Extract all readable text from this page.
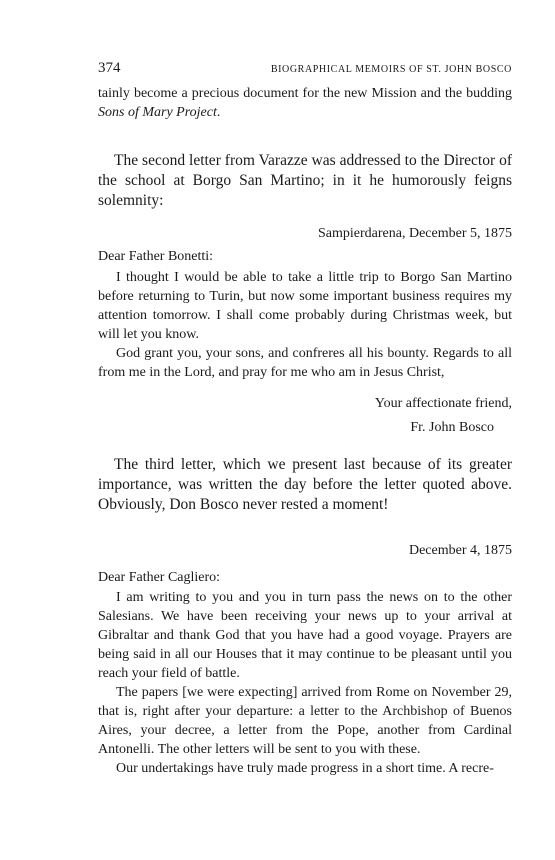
374	BIOGRAPHICAL MEMOIRS OF ST. JOHN BOSCO

tainly become a precious document for the new Mission and the budding Sons of Mary Project.

The second letter from Varazze was addressed to the Director of the school at Borgo San Martino; in it he humorously feigns solemnity:

Sampierdarena, December 5, 1875
Dear Father Bonetti:

I thought I would be able to take a little trip to Borgo San Martino before returning to Turin, but now some important business requires my attention tomorrow. I shall come probably during Christmas week, but will let you know.

God grant you, your sons, and confreres all his bounty. Regards to all from me in the Lord, and pray for me who am in Jesus Christ,

Your affectionate friend,
Fr. John Bosco

The third letter, which we present last because of its greater importance, was written the day before the letter quoted above. Obviously, Don Bosco never rested a moment!

December 4, 1875
Dear Father Cagliero:

I am writing to you and you in turn pass the news on to the other Salesians. We have been receiving your news up to your arrival at Gibraltar and thank God that you have had a good voyage. Prayers are being said in all our Houses that it may continue to be pleasant until you reach your field of battle.

The papers [we were expecting] arrived from Rome on November 29, that is, right after your departure: a letter to the Archbishop of Buenos Aires, your decree, a letter from the Pope, another from Cardinal Antonelli. The other letters will be sent to you with these.

Our undertakings have truly made progress in a short time. A recre-
